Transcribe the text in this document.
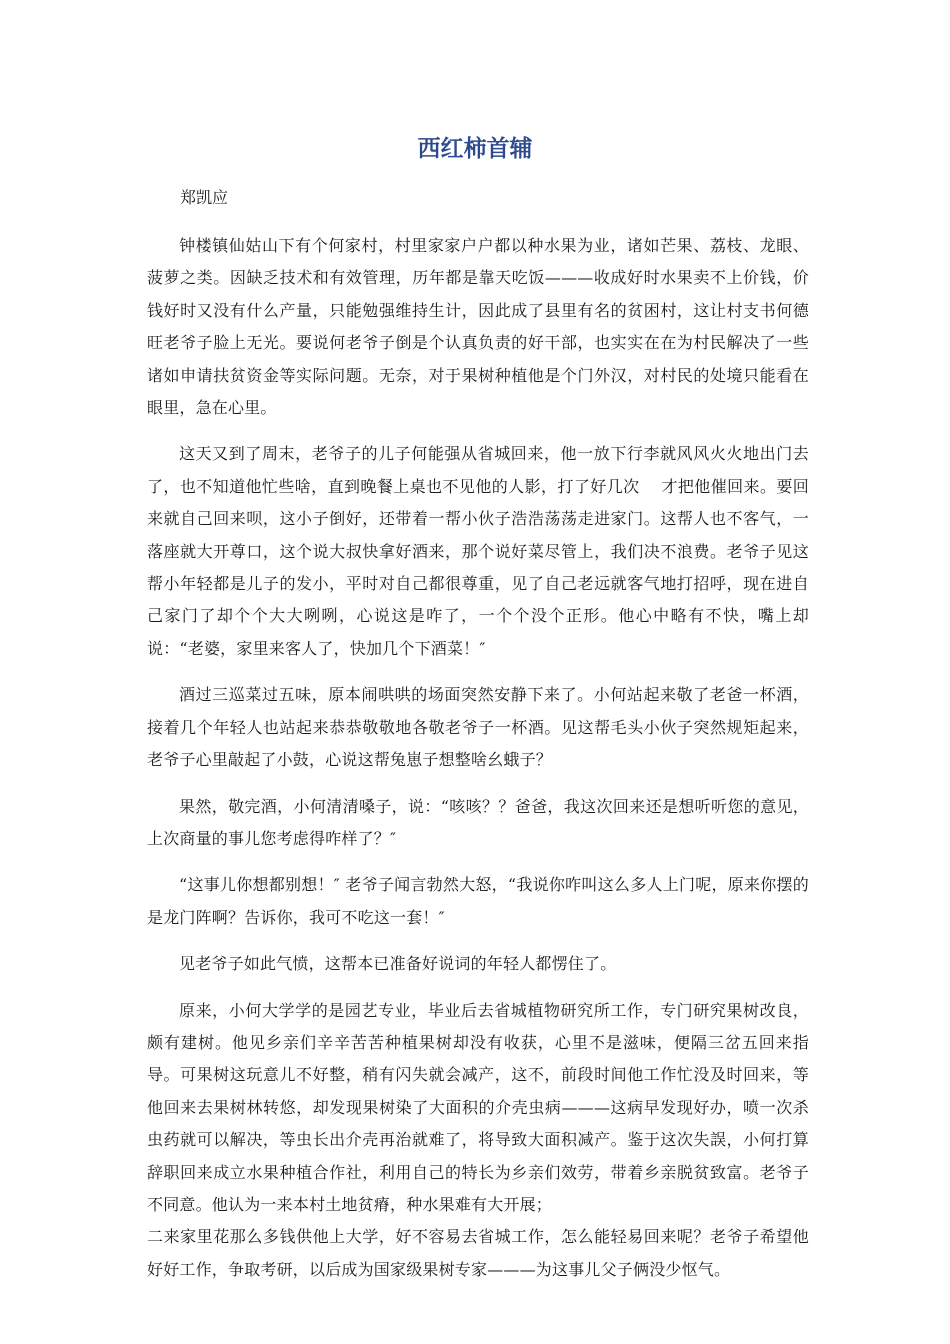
西红柿首辅
郑凯应

钟楼镇仙姑山下有个何家村，村里家家户户都以种水果为业，诸如芒果、荔枝、龙眼、菠萝之类。因缺乏技术和有效管理，历年都是靠天吃饭———收成好时水果卖不上价钱，价钱好时又没有什么产量，只能勉强维持生计，因此成了县里有名的贫困村，这让村支书何德旺老爷子脸上无光。要说何老爷子倒是个认真负责的好干部，也实实在在为村民解决了一些诸如申请扶贫资金等实际问题。无奈，对于果树种植他是个门外汉，对村民的处境只能看在眼里，急在心里。

这天又到了周末，老爷子的儿子何能强从省城回来，他一放下行李就风风火火地出门去了，也不知道他忙些啥，直到晚餐上桌也不见他的人影，打了好几次　 才把他催回来。要回来就自己回来呗，这小子倒好，还带着一帮小伙子浩浩荡荡走进家门。这帮人也不客气，一落座就大开尊口，这个说大叔快拿好酒来，那个说好菜尽管上，我们决不浪费。老爷子见这帮小年轻都是儿子的发小，平时对自己都很尊重，见了自己老远就客气地打招呼，现在进自己家门了却个个大大咧咧，心说这是咋了，一个个没个正形。他心中略有不快，嘴上却说：“老婆，家里来客人了，快加几个下酒菜！″

酒过三巡菜过五味，原本闹哄哄的场面突然安静下来了。小何站起来敬了老爸一杯酒，接着几个年轻人也站起来恭恭敬敬地各敬老爷子一杯酒。见这帮毛头小伙子突然规矩起来，老爷子心里敲起了小鼓，心说这帮兔崽子想整啥幺蛾子？

果然，敬完酒，小何清清嗓子，说：“咳咳？？爸爸，我这次回来还是想听听您的意见，上次商量的事儿您考虑得咋样了？″

“这事儿你想都别想！″ 老爷子闻言勃然大怒，“我说你咋叫这么多人上门呢，原来你摆的是龙门阵啊？告诉你，我可不吃这一套！″

见老爷子如此气愤，这帮本已准备好说词的年轻人都愣住了。

原来，小何大学学的是园艺专业，毕业后去省城植物研究所工作，专门研究果树改良，颇有建树。他见乡亲们辛辛苦苦种植果树却没有收获，心里不是滋味，便隔三岔五回来指导。可果树这玩意儿不好整，稍有闪失就会减产，这不，前段时间他工作忙没及时回来，等他回来去果树林转悠，却发现果树染了大面积的介壳虫病———这病早发现好办，喷一次杀虫药就可以解决，等虫长出介壳再治就难了，将导致大面积减产。鉴于这次失誤，小何打算辞职回来成立水果种植合作社，利用自己的特长为乡亲们效劳，带着乡亲脱贫致富。老爷子不同意。他认为一来本村土地贫瘠，种水果难有大开展；

二来家里花那么多钱供他上大学，好不容易去省城工作，怎么能轻易回来呢？老爷子希望他好好工作，争取考研，以后成为国家级果树专家———为这事儿父子俩没少怄气。
